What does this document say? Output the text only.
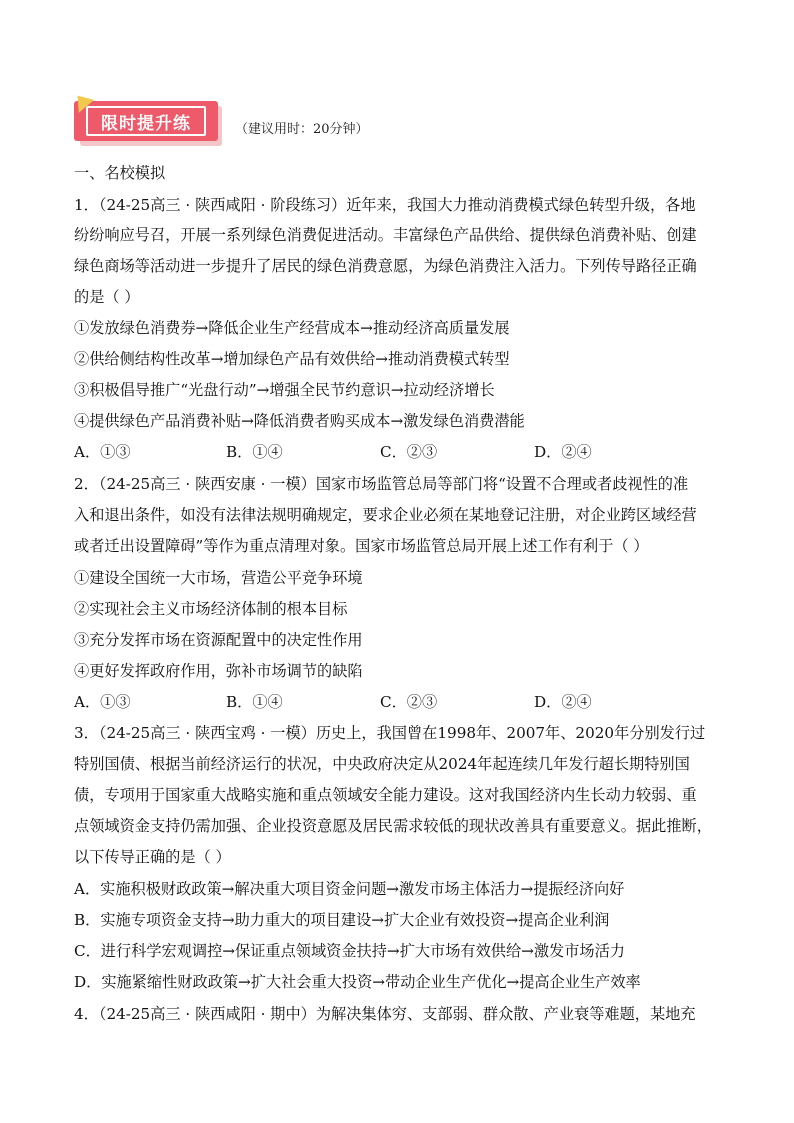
限时提升练	（建议用时：20分钟）
一、名校模拟
1．（24-25高三 · 陕西咸阳 · 阶段练习）近年来，我国大力推动消费模式绿色转型升级，各地
纷纷响应号召，开展一系列绿色消费促进活动。丰富绿色产品供给、提供绿色消费补贴、创建
绿色商场等活动进一步提升了居民的绿色消费意愿，为绿色消费注入活力。下列传导路径正确
的是（ ）
①发放绿色消费券→降低企业生产经营成本→推动经济高质量发展
②供给侧结构性改革→增加绿色产品有效供给→推动消费模式转型
③积极倡导推广“光盘行动”→增强全民节约意识→拉动经济增长
④提供绿色产品消费补贴→降低消费者购买成本→激发绿色消费潜能
A．①③	B．①④	C．②③	D．②④
2．（24-25高三 · 陕西安康 · 一模）国家市场监管总局等部门将“设置不合理或者歧视性的准
入和退出条件，如没有法律法规明确规定，要求企业必须在某地登记注册，对企业跨区域经营
或者迁出设置障碍”等作为重点清理对象。国家市场监管总局开展上述工作有利于（ ）
①建设全国统一大市场，营造公平竞争环境
②实现社会主义市场经济体制的根本目标
③充分发挥市场在资源配置中的决定性作用
④更好发挥政府作用，弥补市场调节的缺陷
A．①③	B．①④	C．②③	D．②④
3．（24-25高三 · 陕西宝鸡 · 一模）历史上，我国曾在1998年、2007年、2020年分别发行过
特别国债、根据当前经济运行的状况，中央政府决定从2024年起连续几年发行超长期特别国
债，专项用于国家重大战略实施和重点领域安全能力建设。这对我国经济内生长动力较弱、重
点领域资金支持仍需加强、企业投资意愿及居民需求较低的现状改善具有重要意义。据此推断，
以下传导正确的是（ ）
A．实施积极财政政策→解决重大项目资金问题→激发市场主体活力→提振经济向好
B．实施专项资金支持→助力重大的项目建设→扩大企业有效投资→提高企业利润
C．进行科学宏观调控→保证重点领域资金扶持→扩大市场有效供给→激发市场活力
D．实施紧缩性财政政策→扩大社会重大投资→带动企业生产优化→提高企业生产效率
4．（24-25高三 · 陕西咸阳 · 期中）为解决集体穷、支部弱、群众散、产业衰等难题，某地充
